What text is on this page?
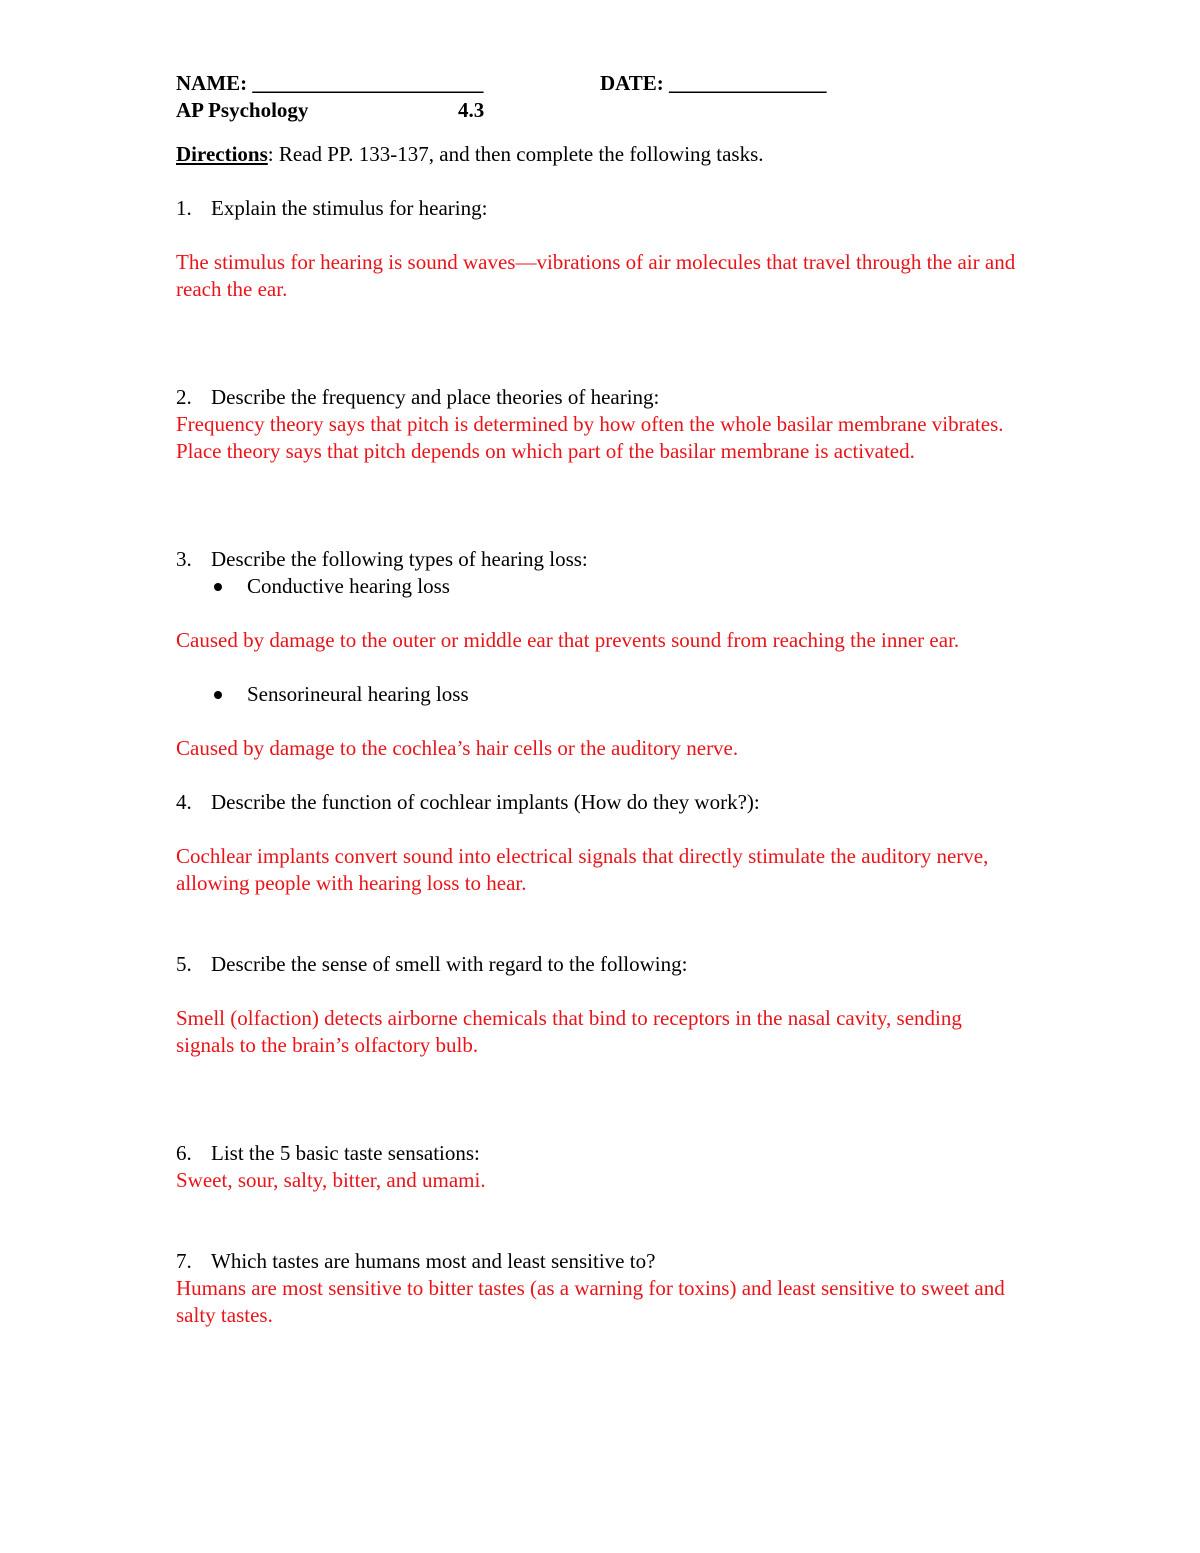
NAME: ______________________	DATE: _______________
AP Psychology	4.3
Directions: Read PP. 133-137, and then complete the following tasks.
1. Explain the stimulus for hearing:
The stimulus for hearing is sound waves—vibrations of air molecules that travel through the air and reach the ear.
2. Describe the frequency and place theories of hearing:
Frequency theory says that pitch is determined by how often the whole basilar membrane vibrates. Place theory says that pitch depends on which part of the basilar membrane is activated.
3. Describe the following types of hearing loss:
Conductive hearing loss
Caused by damage to the outer or middle ear that prevents sound from reaching the inner ear.
Sensorineural hearing loss
Caused by damage to the cochlea’s hair cells or the auditory nerve.
4. Describe the function of cochlear implants (How do they work?):
Cochlear implants convert sound into electrical signals that directly stimulate the auditory nerve, allowing people with hearing loss to hear.
5. Describe the sense of smell with regard to the following:
Smell (olfaction) detects airborne chemicals that bind to receptors in the nasal cavity, sending signals to the brain’s olfactory bulb.
6. List the 5 basic taste sensations:
Sweet, sour, salty, bitter, and umami.
7. Which tastes are humans most and least sensitive to?
Humans are most sensitive to bitter tastes (as a warning for toxins) and least sensitive to sweet and salty tastes.
